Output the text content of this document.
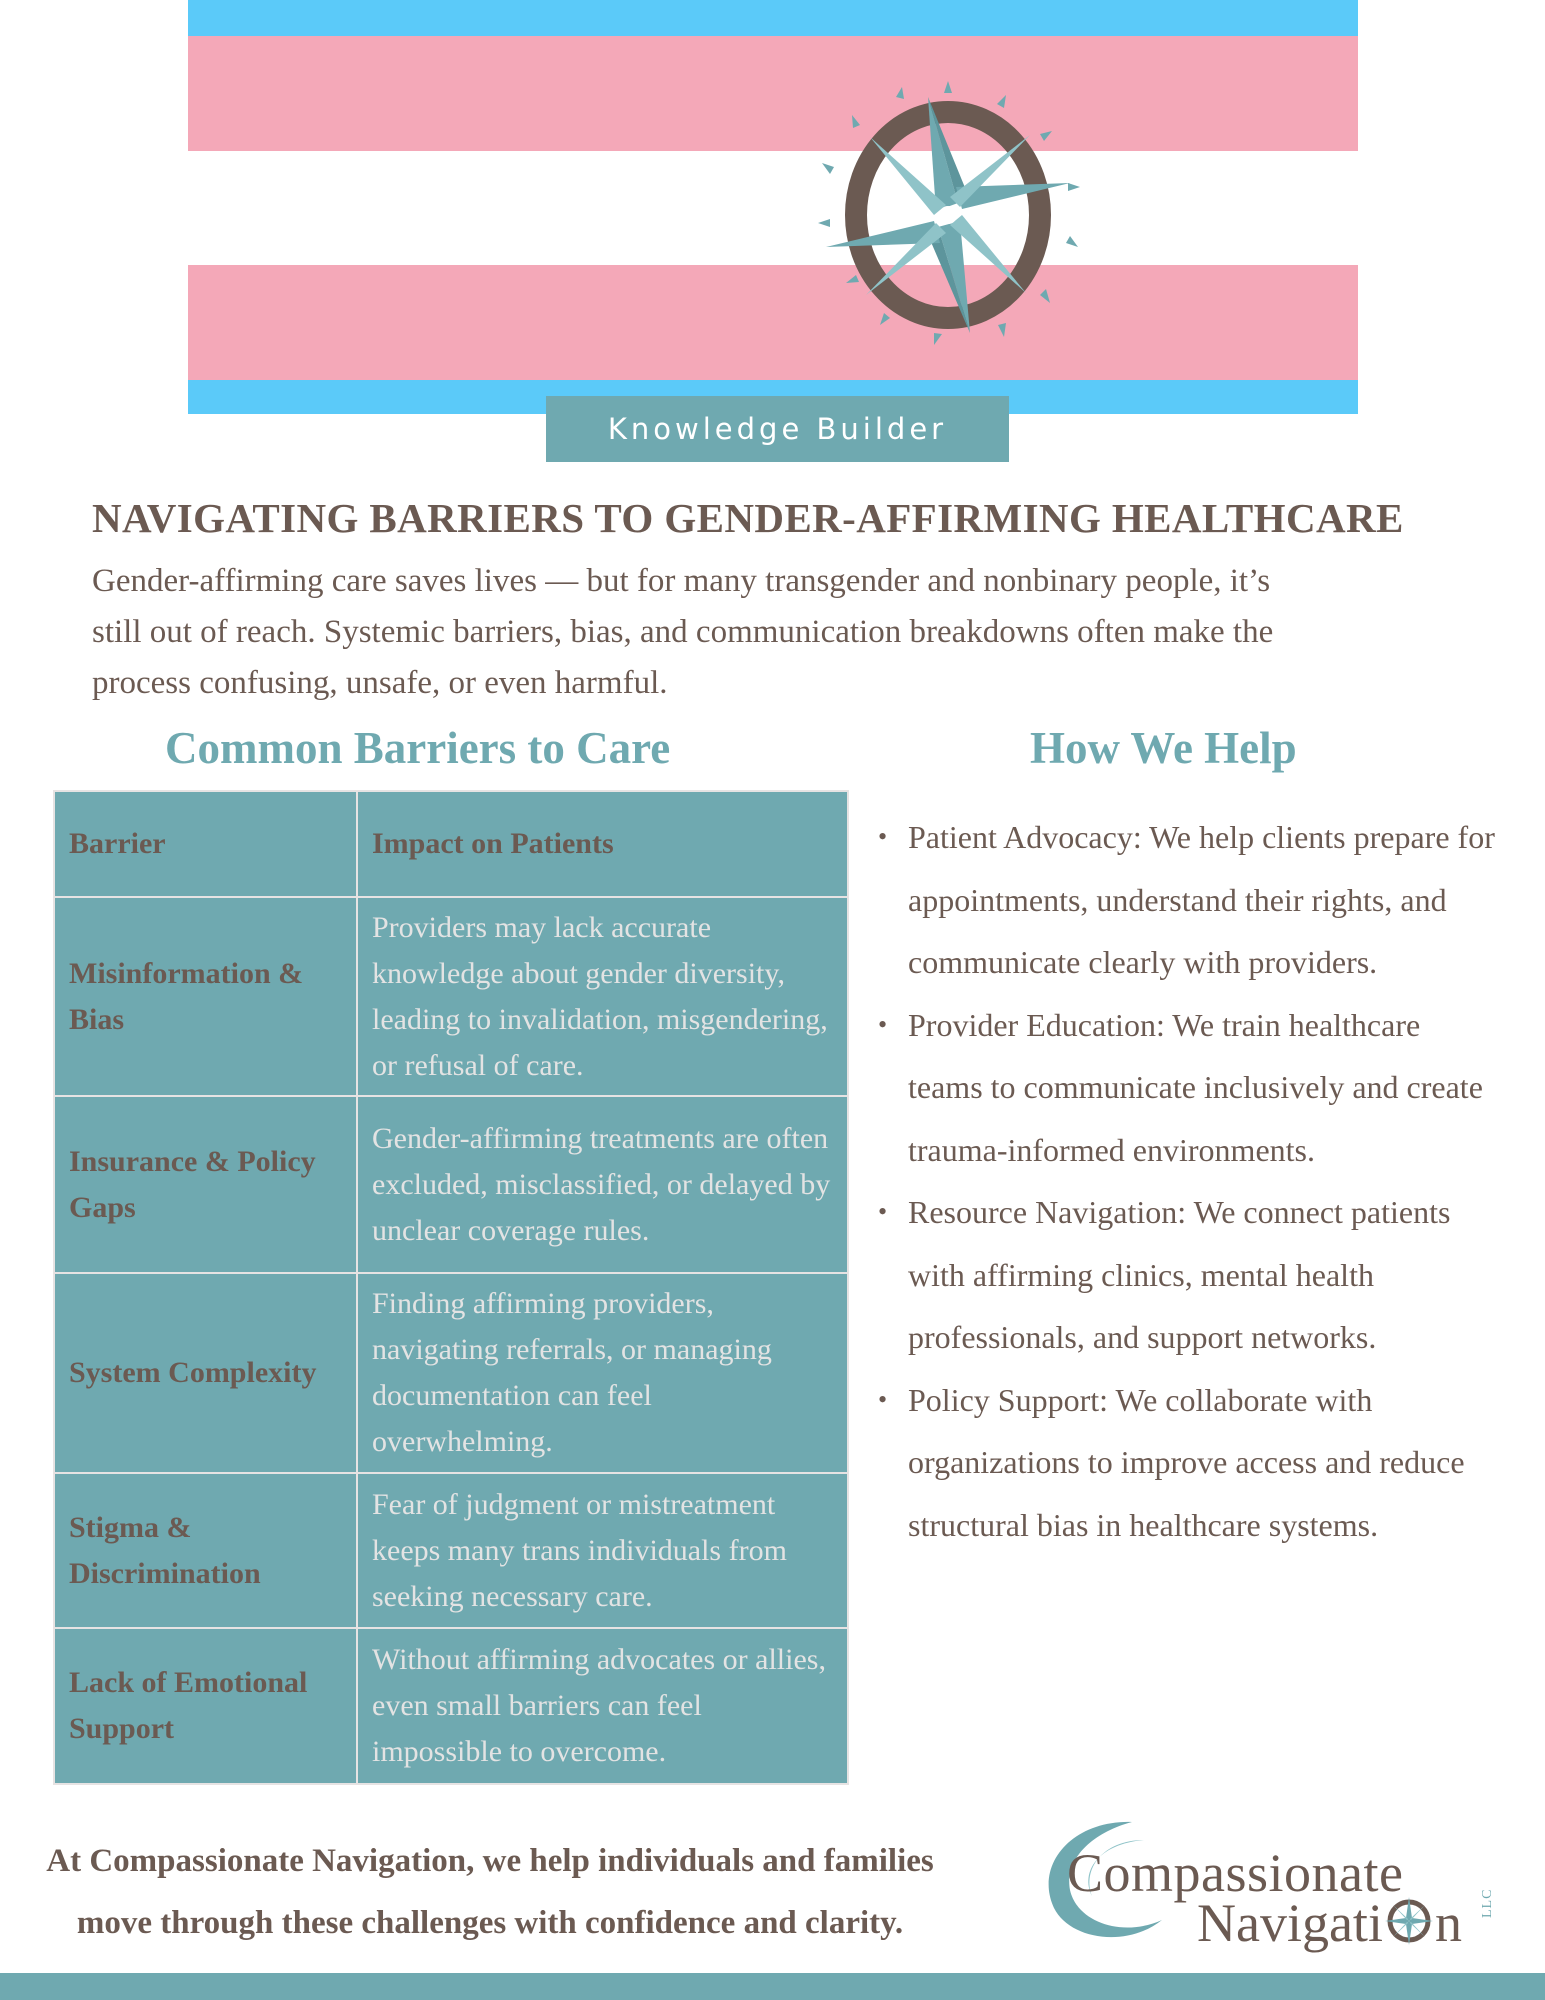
Knowledge Builder
NAVIGATING BARRIERS TO GENDER-AFFIRMING HEALTHCARE

Gender-affirming care saves lives — but for many transgender and nonbinary people, it’s
still out of reach. Systemic barriers, bias, and communication breakdowns often make the
process confusing, unsafe, or even harmful.

Common Barriers to Care	How We Help
Barrier	Impact on Patients
Misinformation & Bias	Providers may lack accurate knowledge about gender diversity, leading to invalidation, misgendering, or refusal of care.
Insurance & Policy Gaps	Gender-affirming treatments are often excluded, misclassified, or delayed by unclear coverage rules.
System Complexity	Finding affirming providers, navigating referrals, or managing documentation can feel overwhelming.
Stigma & Discrimination	Fear of judgment or mistreatment keeps many trans individuals from seeking necessary care.
Lack of Emotional Support	Without affirming advocates or allies, even small barriers can feel impossible to overcome.
• Patient Advocacy: We help clients prepare for appointments, understand their rights, and communicate clearly with providers.
• Provider Education: We train healthcare teams to communicate inclusively and create trauma-informed environments.
• Resource Navigation: We connect patients with affirming clinics, mental health professionals, and support networks.
• Policy Support: We collaborate with organizations to improve access and reduce structural bias in healthcare systems.

At Compassionate Navigation, we help individuals and families
move through these challenges with confidence and clarity.

Compassionate
Navigati n LLC
